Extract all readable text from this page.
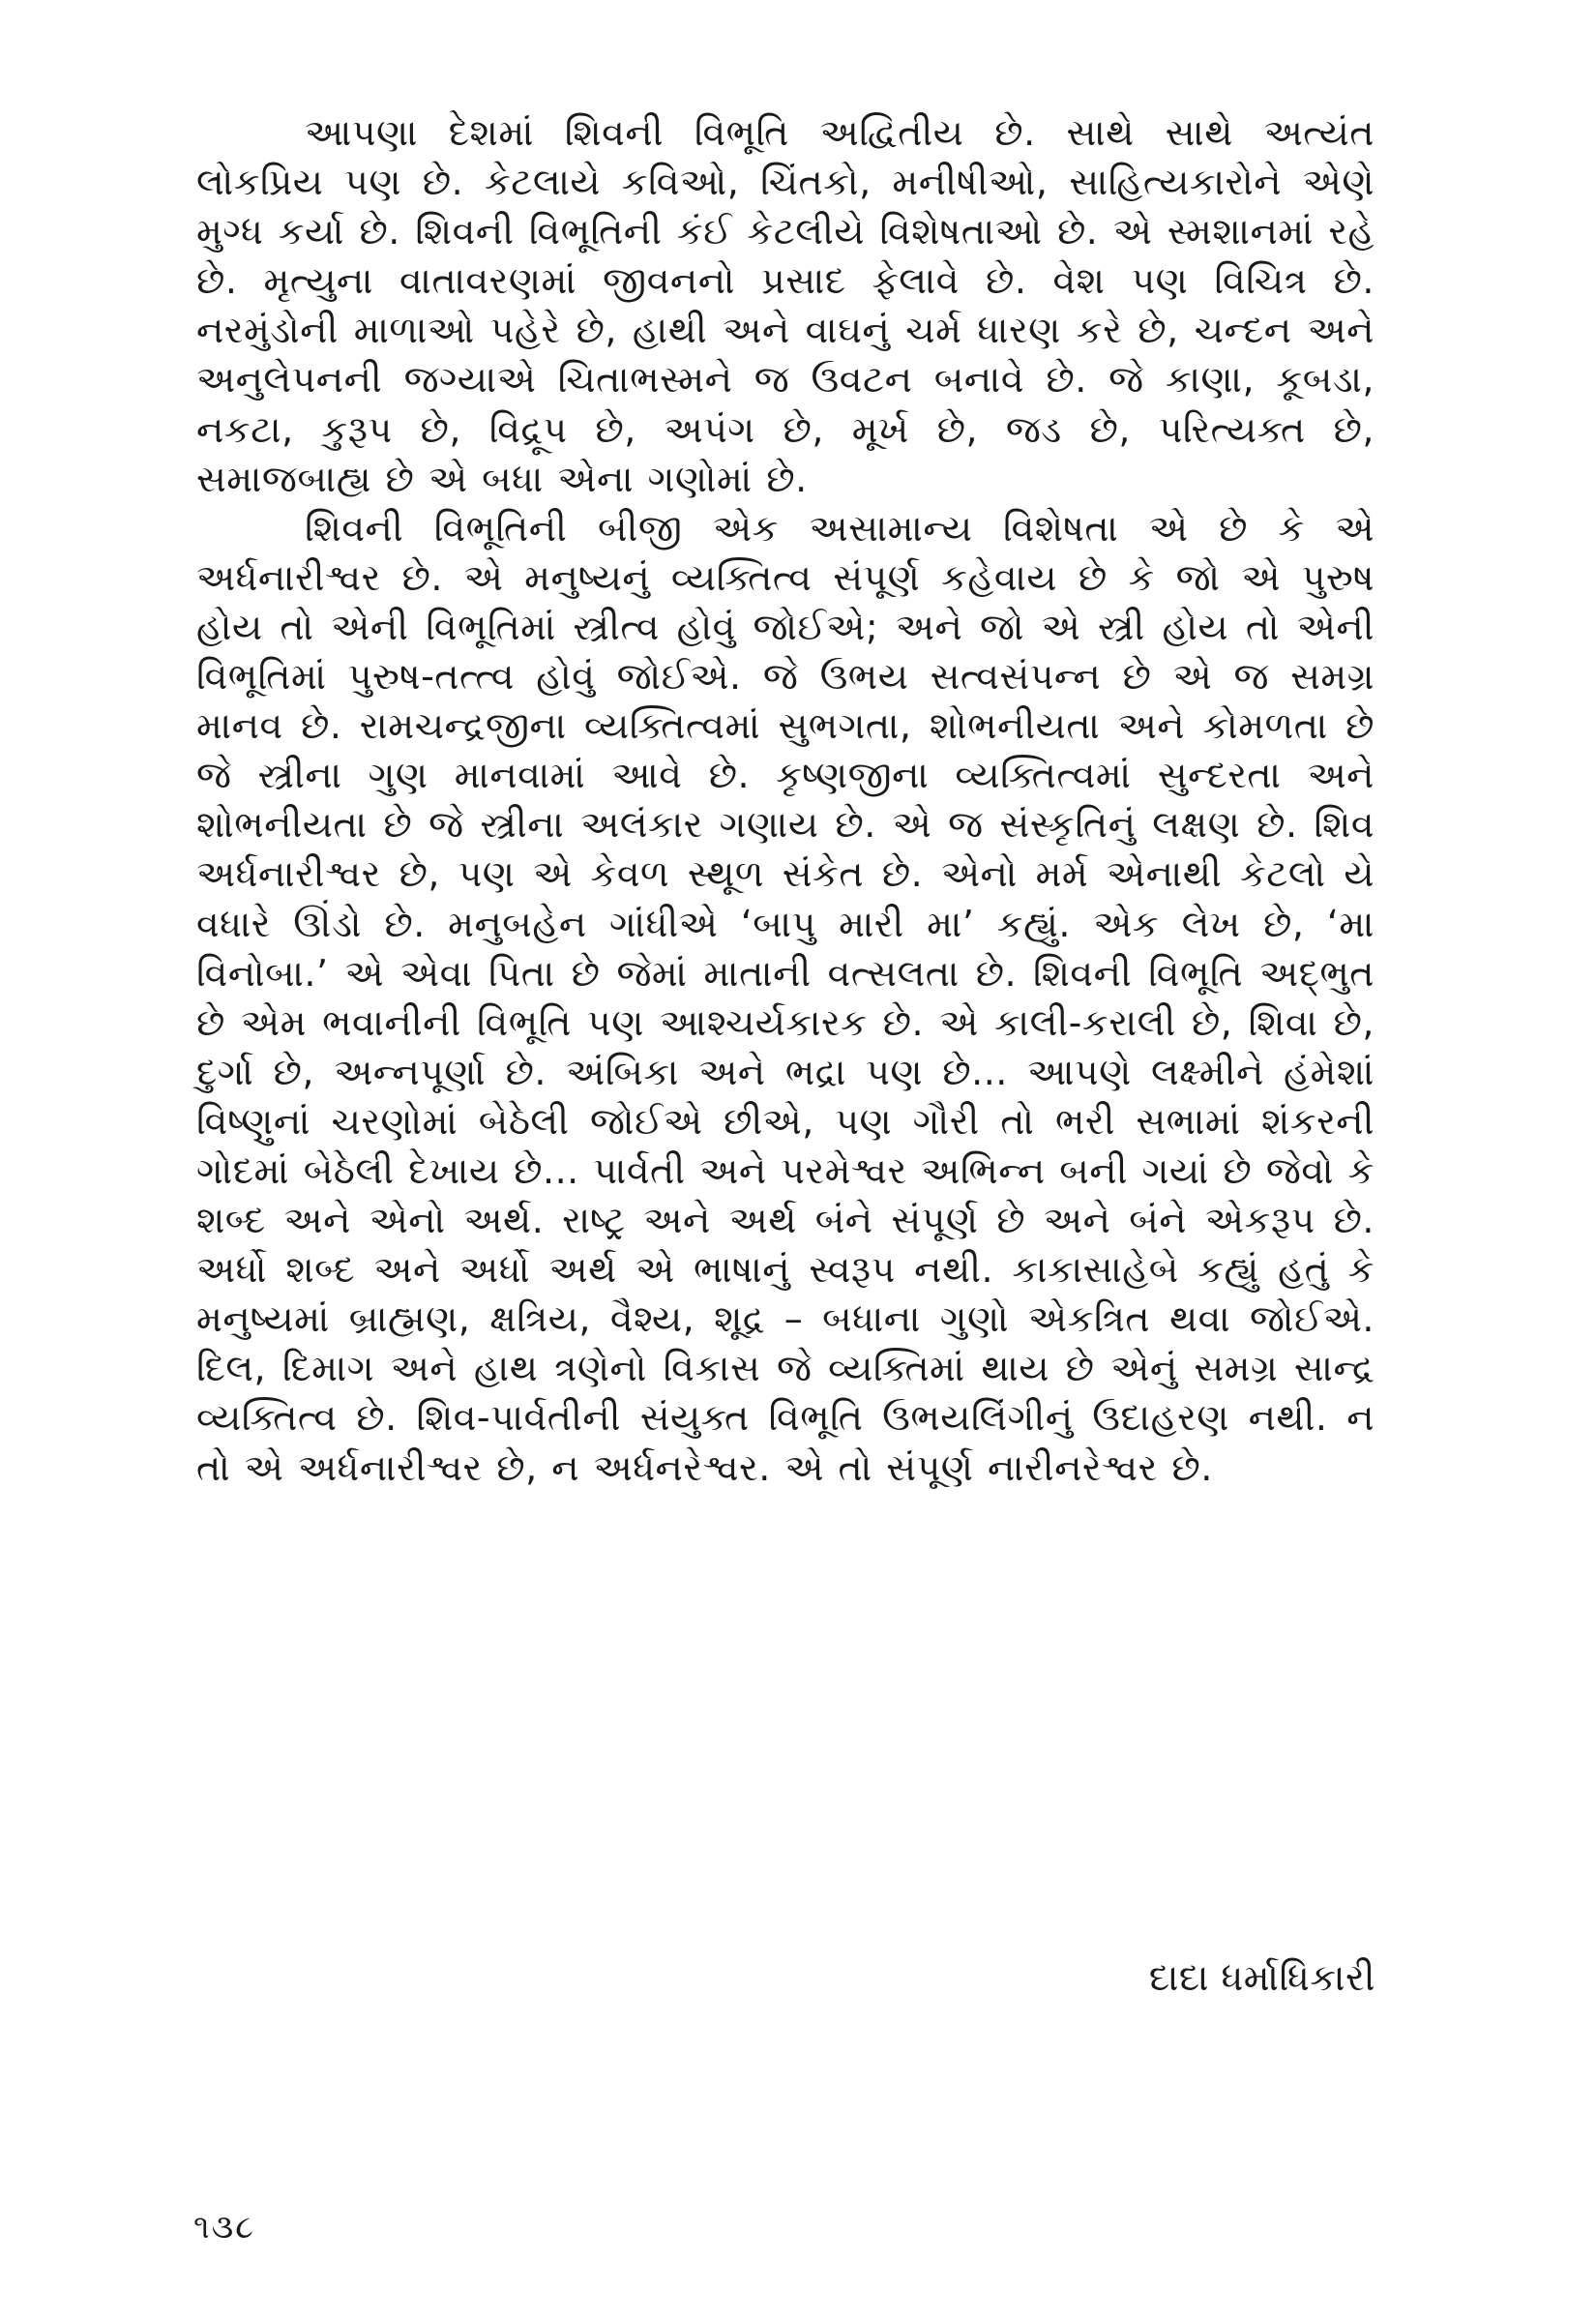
આપણા દેશમાં શિવની વિભૂતિ અદ્વિતીય છે. સાથે સાથે અત્યંત લોકપ્રિય પણ છે. કેટલાયે કવિઓ, ચિંતકો, મનીષીઓ, સાહિત્યકારોને એણે મુગ્ધ કર્યા છે. શિવની વિભૂતિની કંઈ કેટલીયે વિશેષતાઓ છે. એ સ્મશાનમાં રહે છે. મૃત્યુના વાતાવરણમાં જીવનનો પ્રસાદ ફેલાવે છે. વેશ પણ વિચિત્ર છે. નરમુંડોની માળાઓ પહેરે છે, હાથી અને વાઘનું ચર્મ ધારણ કરે છે, ચન્દન અને અનુલેપનની જગ્યાએ ચિતાભસ્મને જ ઉવટન બનાવે છે. જે કાણા, કૂબડા, નકટા, કુરૂપ છે, વિદ્રૂપ છે, અપંગ છે, મૂર્ખ છે, જડ છે, પરિત્યક્ત છે, સમાજબાહ્ય છે એ બધા એના ગણોમાં છે.

શિવની વિભૂતિની બીજી એક અસામાન્ય વિશેષતા એ છે કે એ અર્ધનારીશ્વર છે. એ મનુષ્યનું વ્યક્તિત્વ સંપૂર્ણ કહેવાય છે કે જો એ પુરુષ હોય તો એની વિભૂતિમાં સ્ત્રીત્વ હોવું જોઈએ; અને જો એ સ્ત્રી હોય તો એની વિભૂતિમાં પુરુષ-તત્ત્વ હોવું જોઈએ. જે ઉભય સત્વસંપન્ન છે એ જ સમગ્ર માનવ છે. રામચન્દ્રજીના વ્યક્તિત્વમાં સુભગતા, શોભનીયતા અને કોમળતા છે જે સ્ત્રીના ગુણ માનવામાં આવે છે. કૃષ્ણજીના વ્યક્તિત્વમાં સુન્દરતા અને શોભનીયતા છે જે સ્ત્રીના અલંકાર ગણાય છે. એ જ સંસ્કૃતિનું લક્ષણ છે. શિવ અર્ધનારીશ્વર છે, પણ એ કેવળ સ્થૂળ સંકેત છે. એનો મર્મ એનાથી કેટલો યે વધારે ઊંડો છે. મનુબહેન ગાંધીએ ‘બાપુ મારી મા’ કહ્યું. એક લેખ છે, ‘મા વિનોબા.’ એ એવા પિતા છે જેમાં માતાની વત્સલતા છે. શિવની વિભૂતિ અદ્‌ભુત છે એમ ભવાનીની વિભૂતિ પણ આશ્ચર્યકારક છે. એ કાલી-કરાલી છે, શિવા છે, દુર્ગા છે, અન્નપૂર્ણા છે. અંબિકા અને ભદ્રા પણ છે... આપણે લક્ષ્મીને હંમેશાં વિષ્ણુનાં ચરણોમાં બેઠેલી જોઈએ છીએ, પણ ગૌરી તો ભરી સભામાં શંકરની ગોદમાં બેઠેલી દેખાય છે... પાર્વતી અને પરમેશ્વર અભિન્ન બની ગયાં છે જેવો કે શબ્દ અને એનો અર્થ. રાષ્ટ્ર અને અર્થ બંને સંપૂર્ણ છે અને બંને એકરૂપ છે. અર્ધો શબ્દ અને અર્ધો અર્થ એ ભાષાનું સ્વરૂપ નથી. કાકાસાહેબે કહ્યું હતું કે મનુષ્યમાં બ્રાહ્મણ, ક્ષત્રિય, વૈશ્ય, શૂદ્ર – બધાના ગુણો એકત્રિત થવા જોઈએ. દિલ, દિમાગ અને હાથ ત્રણેનો વિકાસ જે વ્યક્તિમાં થાય છે એનું સમગ્ર સાન્દ્ર વ્યક્તિત્વ છે. શિવ-પાર્વતીની સંયુક્ત વિભૂતિ ઉભયલિંગીનું ઉદાહરણ નથી. ન તો એ અર્ધનારીશ્વર છે, ન અર્ધનરેશ્વર. એ તો સંપૂર્ણ નારીનરેશ્વર છે.

દાદા ધર્માધિકારી
૧૩૮
